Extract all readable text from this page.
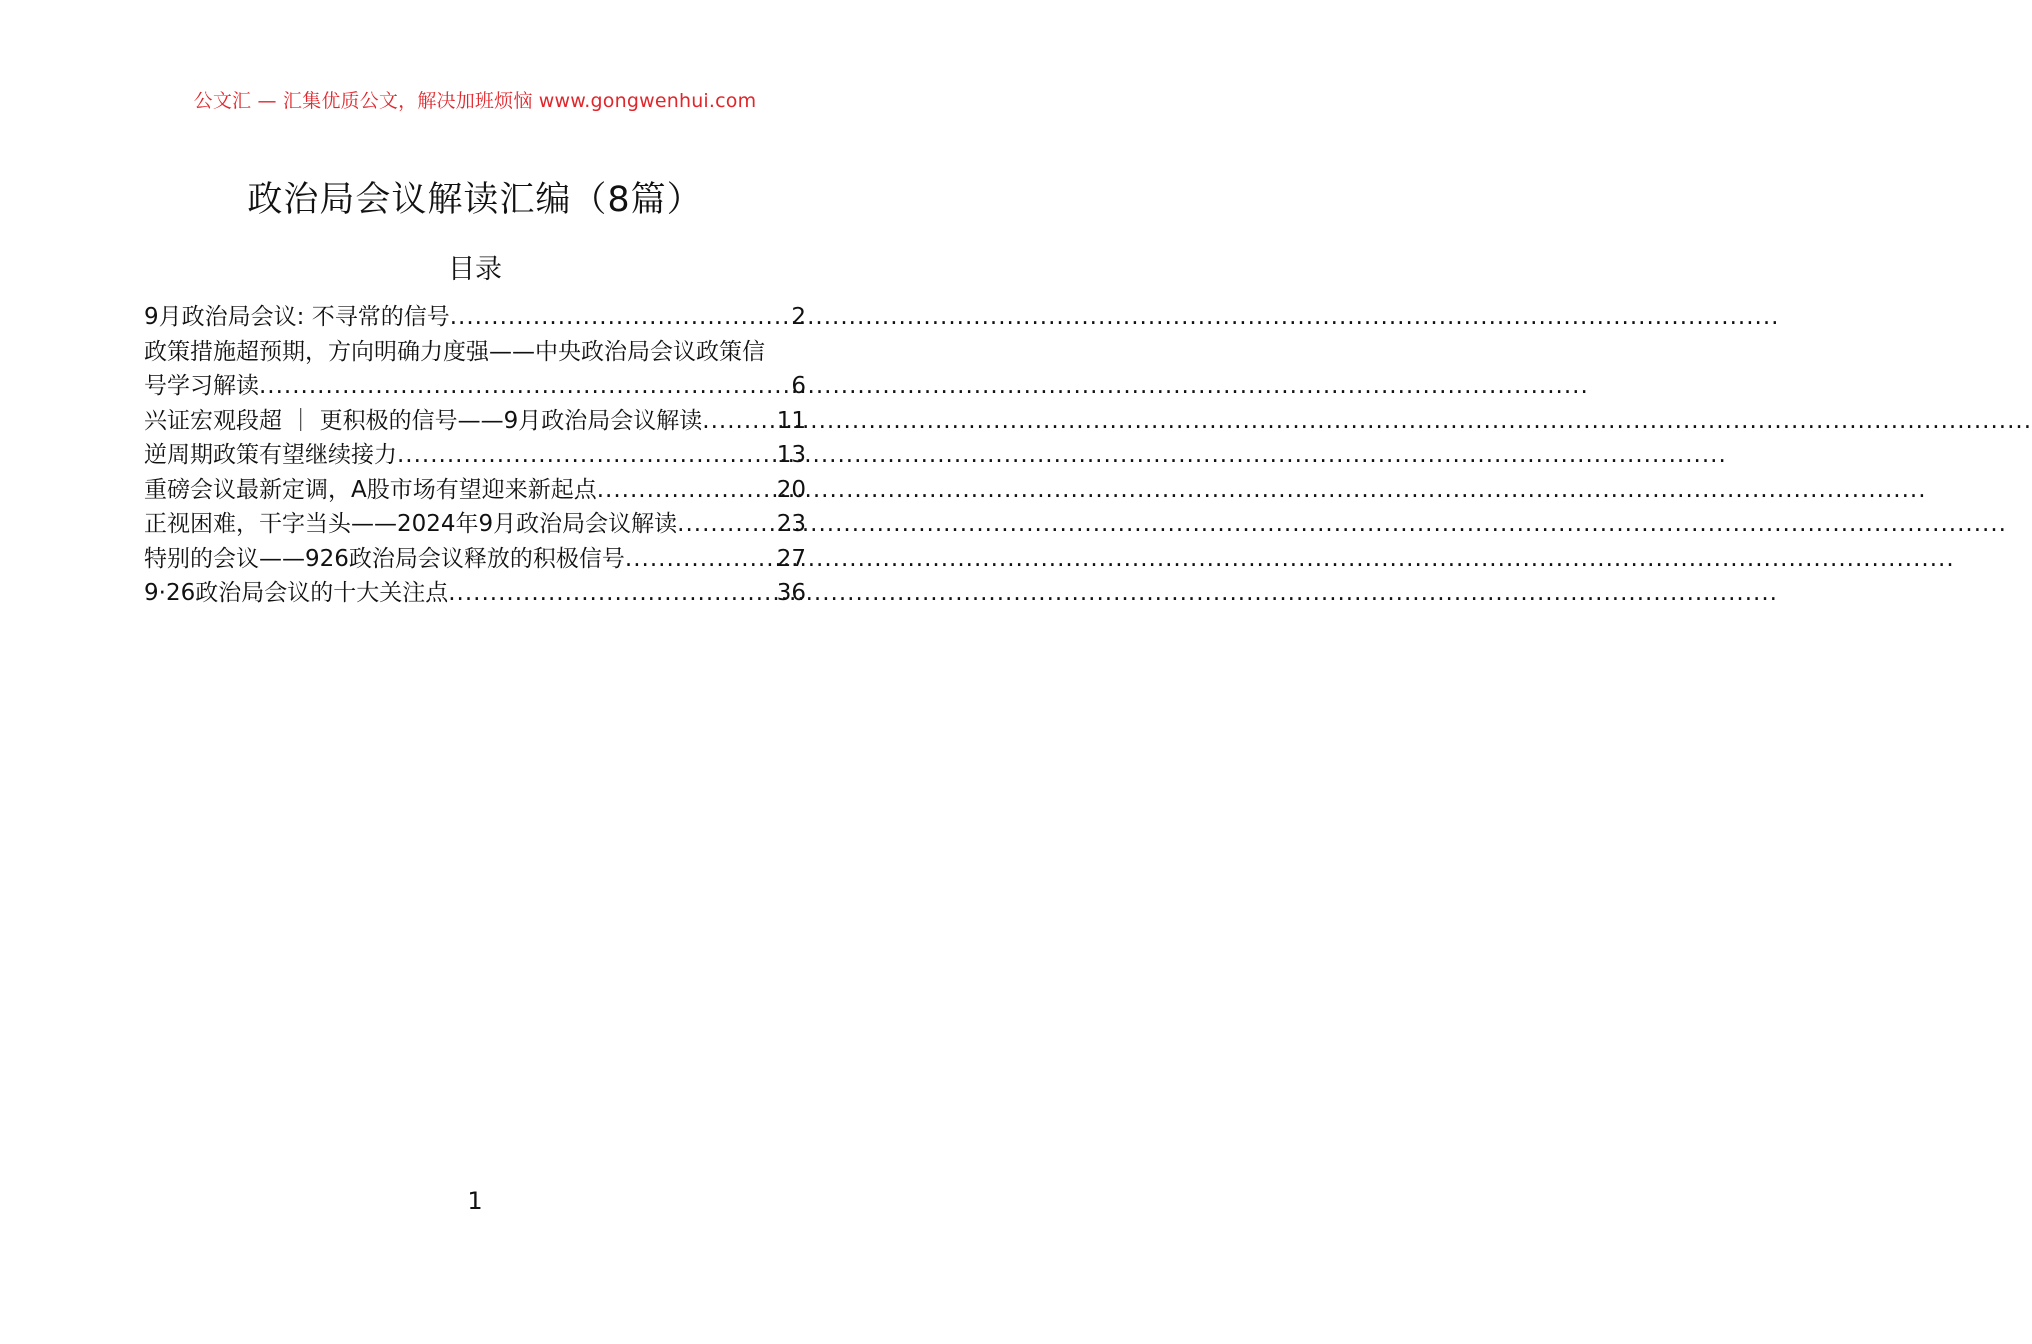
公文汇 — 汇集优质公文，解决加班烦恼 www.gongwenhui.com
政治局会议解读汇编（8篇）
目录
9月政治局会议: 不寻常的信号 .....	2
政策措施超预期，方向明确力度强——中央政治局会议政策信
号学习解读 .....	6
兴证宏观段超 ｜ 更积极的信号——9月政治局会议解读 .....	11
逆周期政策有望继续接力 .....	13
重磅会议最新定调，A股市场有望迎来新起点 .....	20
正视困难，干字当头——2024年9月政治局会议解读 .....	23
特别的会议——926政治局会议释放的积极信号 .....	27
9·26政治局会议的十大关注点 .....	36
1
